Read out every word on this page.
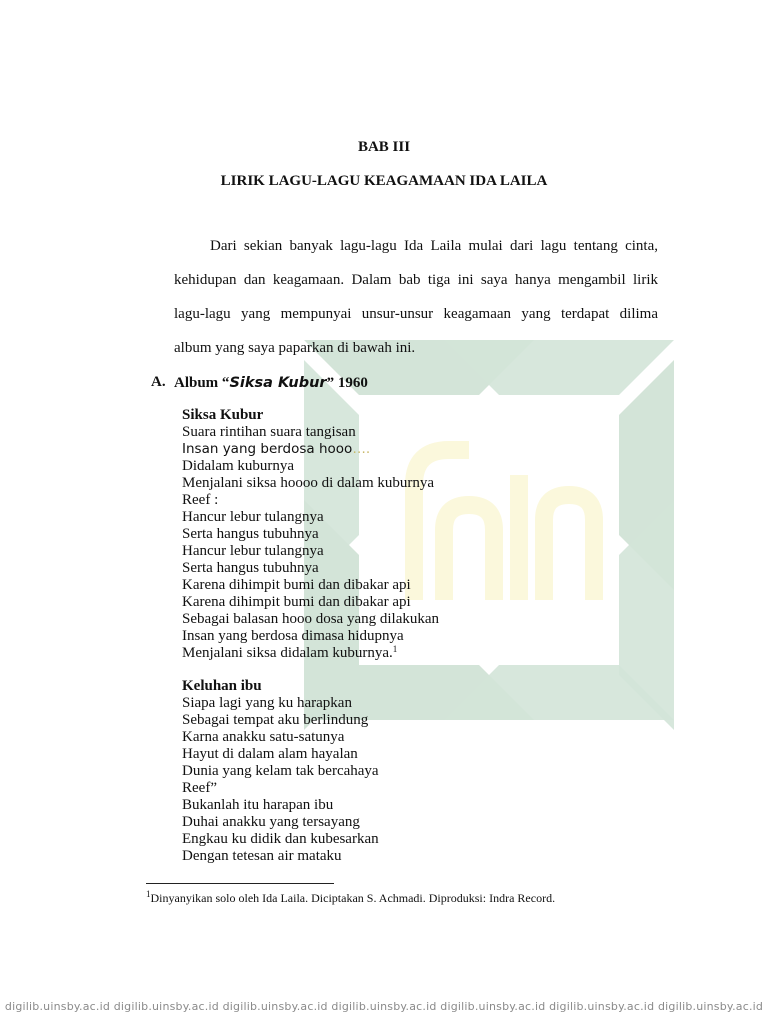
BAB III
LIRIK LAGU-LAGU KEAGAMAAN IDA LAILA
Dari sekian banyak lagu-lagu Ida Laila mulai dari lagu tentang cinta,
kehidupan dan keagamaan. Dalam bab tiga ini saya hanya mengambil lirik
lagu-lagu yang mempunyai unsur-unsur keagamaan yang terdapat dilima
album yang saya paparkan di bawah ini.
A. Album “Siksa Kubur” 1960
Siksa Kubur
Suara rintihan suara tangisan
Insan yang berdosa hooo….
Didalam kuburnya
Menjalani siksa hoooo di dalam kuburnya
Reef :
Hancur lebur tulangnya
Serta hangus tubuhnya
Hancur lebur tulangnya
Serta hangus tubuhnya
Karena dihimpit bumi dan dibakar api
Karena dihimpit bumi dan dibakar api
Sebagai balasan hooo dosa yang dilakukan
Insan yang berdosa dimasa hidupnya
Menjalani siksa didalam kuburnya.$^1$
Keluhan ibu
Siapa lagi yang ku harapkan
Sebagai tempat aku berlindung
Karna anakku satu-satunya
Hayut di dalam alam hayalan
Dunia yang kelam tak bercahaya
Reef”
Bukanlah itu harapan ibu
Duhai anakku yang tersayang
Engkau ku didik dan kubesarkan
Dengan tetesan air mataku
$^1$Dinyanyikan solo oleh Ida Laila. Diciptakan S. Achmadi. Diproduksi: Indra Record.
digilib.uinsby.ac.id digilib.uinsby.ac.id digilib.uinsby.ac.id digilib.uinsby.ac.id digilib.uinsby.ac.id digilib.uinsby.ac.id digilib.uinsby.ac.id
